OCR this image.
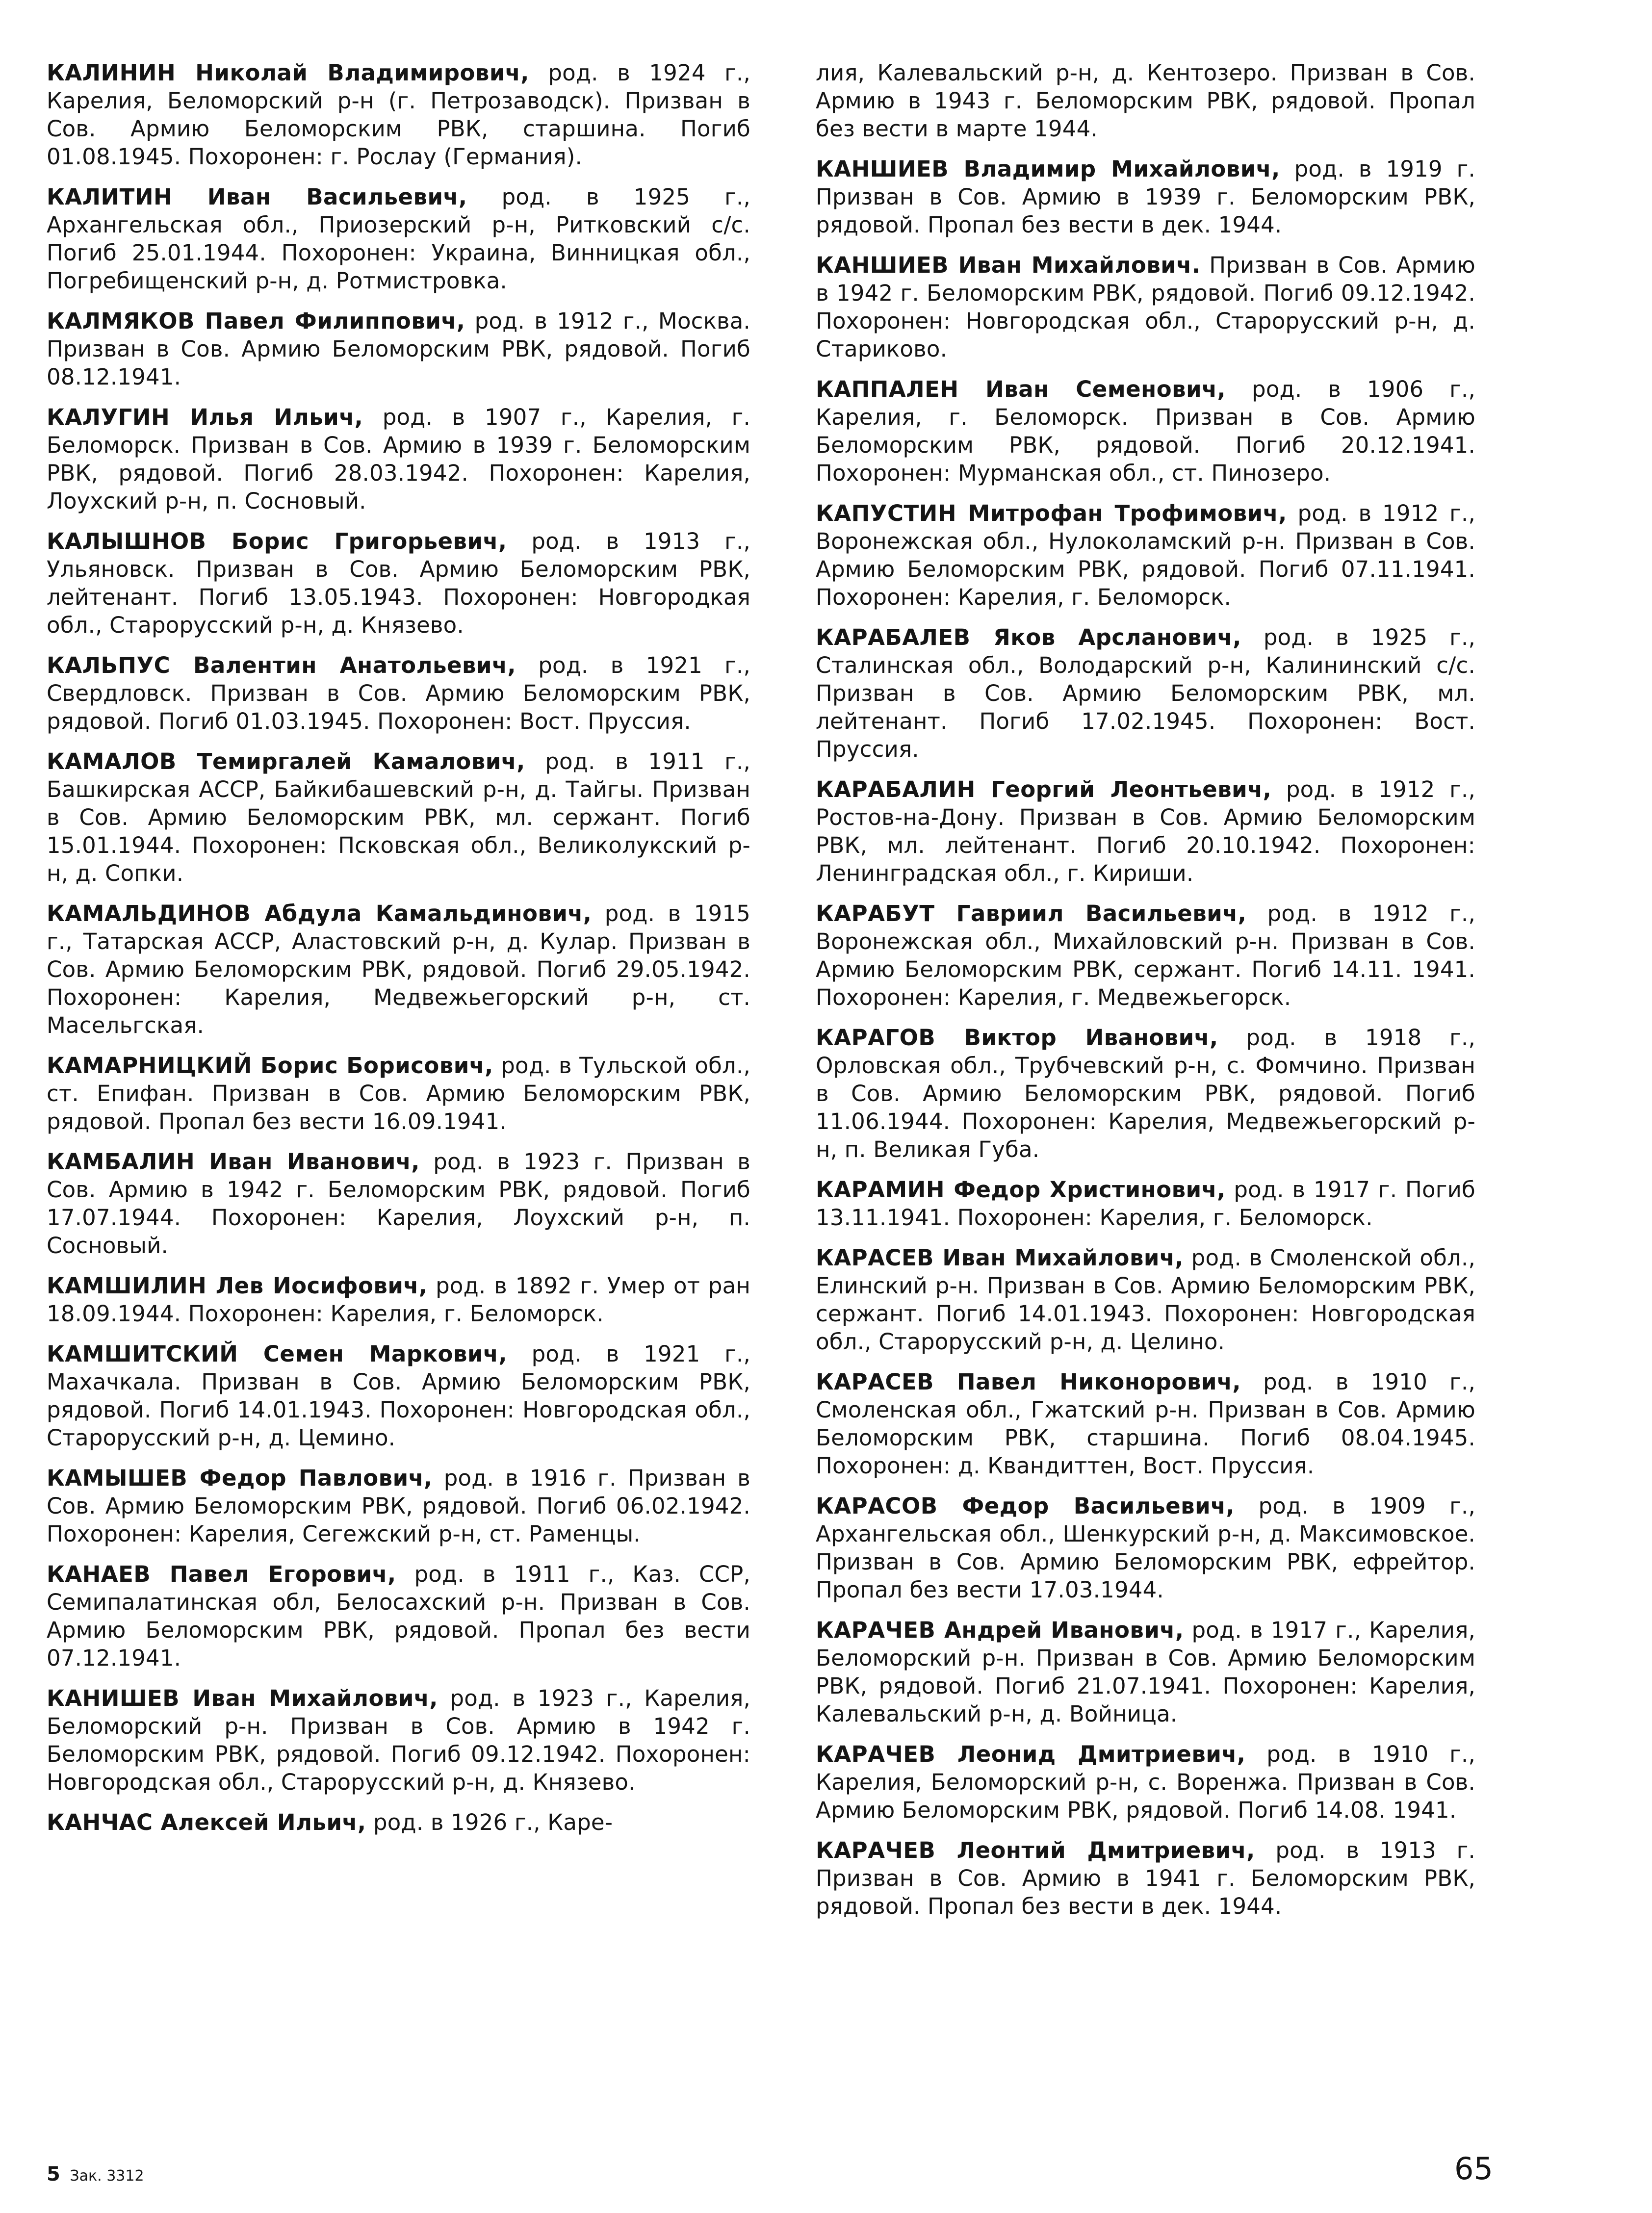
КАЛИНИН Николай Владимирович, род. в 1924 г., Карелия, Беломорский р-н (г. Петрозаводск). Призван в Сов. Армию Беломорским РВК, старшина. Погиб 01.08.1945. Похоронен: г. Рослау (Германия).

КАЛИТИН Иван Васильевич, род. в 1925 г., Архангельская обл., Приозерский р-н, Ритковский с/с. Погиб 25.01.1944. Похоронен: Украина, Винницкая обл., Погребищенский р-н, д. Ротмистровка.

КАЛМЯКОВ Павел Филиппович, род. в 1912 г., Москва. Призван в Сов. Армию Беломорским РВК, рядовой. Погиб 08.12.1941.

КАЛУГИН Илья Ильич, род. в 1907 г., Карелия, г. Беломорск. Призван в Сов. Армию в 1939 г. Беломорским РВК, рядовой. Погиб 28.03.1942. Похоронен: Карелия, Лоухский р-н, п. Сосновый.

КАЛЫШНОВ Борис Григорьевич, род. в 1913 г., Ульяновск. Призван в Сов. Армию Беломорским РВК, лейтенант. Погиб 13.05.1943. Похоронен: Новгородкая обл., Старорусский р-н, д. Князево.

КАЛЬПУС Валентин Анатольевич, род. в 1921 г., Свердловск. Призван в Сов. Армию Беломорским РВК, рядовой. Погиб 01.03.1945. Похоронен: Вост. Пруссия.

КАМАЛОВ Темиргалей Камалович, род. в 1911 г., Башкирская АССР, Байкибашевский р-н, д. Тайгы. Призван в Сов. Армию Беломорским РВК, мл. сержант. Погиб 15.01.1944. Похоронен: Псковская обл., Великолукский р-н, д. Сопки.

КАМАЛЬДИНОВ Абдула Камальдинович, род. в 1915 г., Татарская АССР, Аластовский р-н, д. Кулар. Призван в Сов. Армию Беломорским РВК, рядовой. Погиб 29.05.1942. Похоронен: Карелия, Медвежьегорский р-н, ст. Масельгская.

КАМАРНИЦКИЙ Борис Борисович, род. в Тульской обл., ст. Епифан. Призван в Сов. Армию Беломорским РВК, рядовой. Пропал без вести 16.09.1941.

КАМБАЛИН Иван Иванович, род. в 1923 г. Призван в Сов. Армию в 1942 г. Беломорским РВК, рядовой. Погиб 17.07.1944. Похоронен: Карелия, Лоухский р-н, п. Сосновый.

КАМШИЛИН Лев Иосифович, род. в 1892 г. Умер от ран 18.09.1944. Похоронен: Карелия, г. Беломорск.

КАМШИТСКИЙ Семен Маркович, род. в 1921 г., Махачкала. Призван в Сов. Армию Беломорским РВК, рядовой. Погиб 14.01.1943. Похоронен: Новгородская обл., Старорусский р-н, д. Цемино.

КАМЫШЕВ Федор Павлович, род. в 1916 г. Призван в Сов. Армию Беломорским РВК, рядовой. Погиб 06.02.1942. Похоронен: Карелия, Сегежский р-н, ст. Раменцы.

КАНАЕВ Павел Егорович, род. в 1911 г., Каз. ССР, Семипалатинская обл, Белосахский р-н. Призван в Сов. Армию Беломорским РВК, рядовой. Пропал без вести 07.12.1941.

КАНИШЕВ Иван Михайлович, род. в 1923 г., Карелия, Беломорский р-н. Призван в Сов. Армию в 1942 г. Беломорским РВК, рядовой. Погиб 09.12.1942. Похоронен: Новгородская обл., Старорусский р-н, д. Князево.

КАНЧАС Алексей Ильич, род. в 1926 г., Каре-

лия, Калевальский р-н, д. Кентозеро. Призван в Сов. Армию в 1943 г. Беломорским РВК, рядовой. Пропал без вести в марте 1944.

КАНШИЕВ Владимир Михайлович, род. в 1919 г. Призван в Сов. Армию в 1939 г. Беломорским РВК, рядовой. Пропал без вести в дек. 1944.

КАНШИЕВ Иван Михайлович. Призван в Сов. Армию в 1942 г. Беломорским РВК, рядовой. Погиб 09.12.1942. Похоронен: Новгородская обл., Старорусский р-н, д. Стариково.

КАППАЛЕН Иван Семенович, род. в 1906 г., Карелия, г. Беломорск. Призван в Сов. Армию Беломорским РВК, рядовой. Погиб 20.12.1941. Похоронен: Мурманская обл., ст. Пинозеро.

КАПУСТИН Митрофан Трофимович, род. в 1912 г., Воронежская обл., Нулоколамский р-н. Призван в Сов. Армию Беломорским РВК, рядовой. Погиб 07.11.1941. Похоронен: Карелия, г. Беломорск.

КАРАБАЛЕВ Яков Арсланович, род. в 1925 г., Сталинская обл., Володарский р-н, Калининский с/с. Призван в Сов. Армию Беломорским РВК, мл. лейтенант. Погиб 17.02.1945. Похоронен: Вост. Пруссия.

КАРАБАЛИН Георгий Леонтьевич, род. в 1912 г., Ростов-на-Дону. Призван в Сов. Армию Беломорским РВК, мл. лейтенант. Погиб 20.10.1942. Похоронен: Ленинградская обл., г. Кириши.

КАРАБУТ Гавриил Васильевич, род. в 1912 г., Воронежская обл., Михайловский р-н. Призван в Сов. Армию Беломорским РВК, сержант. Погиб 14.11. 1941. Похоронен: Карелия, г. Медвежьегорск.

КАРАГОВ Виктор Иванович, род. в 1918 г., Орловская обл., Трубчевский р-н, с. Фомчино. Призван в Сов. Армию Беломорским РВК, рядовой. Погиб 11.06.1944. Похоронен: Карелия, Медвежьегорский р-н, п. Великая Губа.

КАРАМИН Федор Христинович, род. в 1917 г. Погиб 13.11.1941. Похоронен: Карелия, г. Беломорск.

КАРАСЕВ Иван Михайлович, род. в Смоленской обл., Елинский р-н. Призван в Сов. Армию Беломорским РВК, сержант. Погиб 14.01.1943. Похоронен: Новгородская обл., Старорусский р-н, д. Целино.

КАРАСЕВ Павел Никонорович, род. в 1910 г., Смоленская обл., Гжатский р-н. Призван в Сов. Армию Беломорским РВК, старшина. Погиб 08.04.1945. Похоронен: д. Квандиттен, Вост. Пруссия.

КАРАСОВ Федор Васильевич, род. в 1909 г., Архангельская обл., Шенкурский р-н, д. Максимовское. Призван в Сов. Армию Беломорским РВК, ефрейтор. Пропал без вести 17.03.1944.

КАРАЧЕВ Андрей Иванович, род. в 1917 г., Карелия, Беломорский р-н. Призван в Сов. Армию Беломорским РВК, рядовой. Погиб 21.07.1941. Похоронен: Карелия, Калевальский р-н, д. Войница.

КАРАЧЕВ Леонид Дмитриевич, род. в 1910 г., Карелия, Беломорский р-н, с. Воренжа. Призван в Сов. Армию Беломорским РВК, рядовой. Погиб 14.08. 1941.

КАРАЧЕВ Леонтий Дмитриевич, род. в 1913 г. Призван в Сов. Армию в 1941 г. Беломорским РВК, рядовой. Пропал без вести в дек. 1944.

5 Зак. 3312	65
